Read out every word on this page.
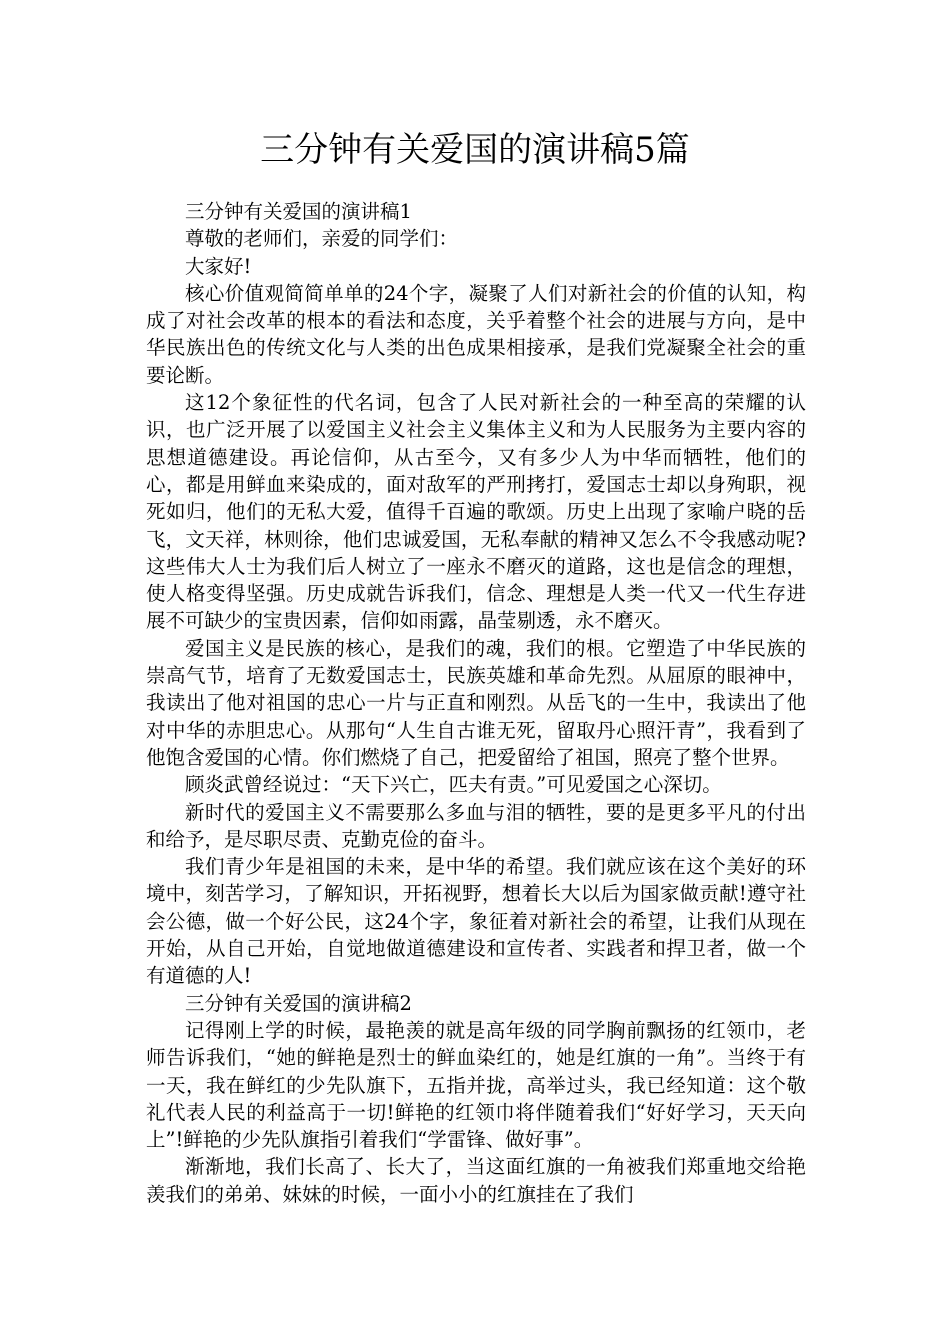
三分钟有关爱国的演讲稿5篇

三分钟有关爱国的演讲稿1

尊敬的老师们，亲爱的同学们：

大家好!

核心价值观简简单单的24个字，凝聚了人们对新社会的价值的认知，构成了对社会改革的根本的看法和态度，关乎着整个社会的进展与方向，是中华民族出色的传统文化与人类的出色成果相接承，是我们党凝聚全社会的重要论断。

这12个象征性的代名词，包含了人民对新社会的一种至高的荣耀的认识，也广泛开展了以爱国主义社会主义集体主义和为人民服务为主要内容的思想道德建设。再论信仰，从古至今，又有多少人为中华而牺牲，他们的心，都是用鲜血来染成的，面对敌军的严刑拷打，爱国志士却以身殉职，视死如归，他们的无私大爱，值得千百遍的歌颂。历史上出现了家喻户晓的岳飞，文天祥，林则徐，他们忠诚爱国，无私奉献的精神又怎么不令我感动呢?这些伟大人士为我们后人树立了一座永不磨灭的道路，这也是信念的理想，使人格变得坚强。历史成就告诉我们，信念、理想是人类一代又一代生存进展不可缺少的宝贵因素，信仰如雨露，晶莹剔透，永不磨灭。

爱国主义是民族的核心，是我们的魂，我们的根。它塑造了中华民族的崇高气节，培育了无数爱国志士，民族英雄和革命先烈。从屈原的眼神中，我读出了他对祖国的忠心一片与正直和刚烈。从岳飞的一生中，我读出了他对中华的赤胆忠心。从那句“人生自古谁无死，留取丹心照汗青”，我看到了他饱含爱国的心情。你们燃烧了自己，把爱留给了祖国，照亮了整个世界。

顾炎武曾经说过：“天下兴亡，匹夫有责。”可见爱国之心深切。

新时代的爱国主义不需要那么多血与泪的牺牲，要的是更多平凡的付出和给予，是尽职尽责、克勤克俭的奋斗。

我们青少年是祖国的未来，是中华的希望。我们就应该在这个美好的环境中，刻苦学习，了解知识，开拓视野，想着长大以后为国家做贡献!遵守社会公德，做一个好公民，这24个字，象征着对新社会的希望，让我们从现在开始，从自己开始，自觉地做道德建设和宣传者、实践者和捍卫者，做一个有道德的人!

三分钟有关爱国的演讲稿2

记得刚上学的时候，最艳羡的就是高年级的同学胸前飘扬的红领巾，老师告诉我们，“她的鲜艳是烈士的鲜血染红的，她是红旗的一角”。当终于有一天，我在鲜红的少先队旗下，五指并拢，高举过头，我已经知道：这个敬礼代表人民的利益高于一切!鲜艳的红领巾将伴随着我们“好好学习，天天向上”!鲜艳的少先队旗指引着我们“学雷锋、做好事”。

渐渐地，我们长高了、长大了，当这面红旗的一角被我们郑重地交给艳羡我们的弟弟、妹妹的时候，一面小小的红旗挂在了我们
